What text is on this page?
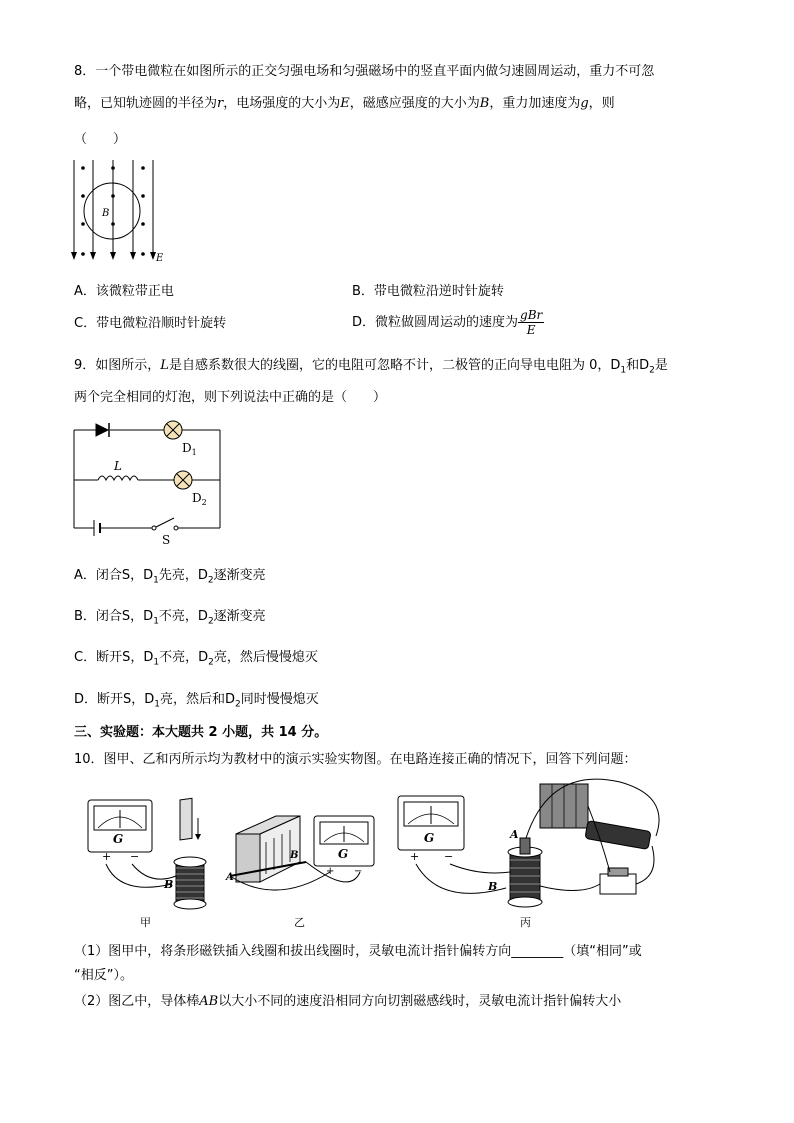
8．一个带电微粒在如图所示的正交匀强电场和匀强磁场中的竖直平面内做匀速圆周运动，重力不可忽
略，已知轨迹圆的半径为r，电场强度的大小为E，磁感应强度的大小为B，重力加速度为g，则
（　　）
B
E
A．该微粒带正电	B．带电微粒沿逆时针旋转
C．带电微粒沿顺时针旋转	D．微粒做圆周运动的速度为 $\frac{\text{gBr}}{E}$
9．如图所示，L是自感系数很大的线圈，它的电阻可忽略不计，二极管的正向导电电阻为 0，$D_1$和$D_2$是
两个完全相同的灯泡，则下列说法中正确的是（　　）
L
$D_1$
$D_2$
S
A．闭合S，$D_1$先亮，$D_2$逐渐变亮
B．闭合S，$D_1$不亮，$D_2$逐渐变亮
C．断开S，$D_1$不亮，$D_2$亮，然后慢慢熄灭
D．断开S，$D_1$亮，然后和$D_2$同时慢慢熄灭
三、实验题：本大题共 2 小题，共 14 分。
10．图甲、乙和丙所示均为教材中的演示实验实物图。在电路连接正确的情况下，回答下列问题：
G
+ −
B
甲
A
B	G
+ −
乙
G
+ −
A
B
丙
（1）图甲中，将条形磁铁插入线圈和拔出线圈时，灵敏电流计指针偏转方向________（填“相同”或
“相反”）。
（2）图乙中，导体棒AB以大小不同的速度沿相同方向切割磁感线时，灵敏电流计指针偏转大小
